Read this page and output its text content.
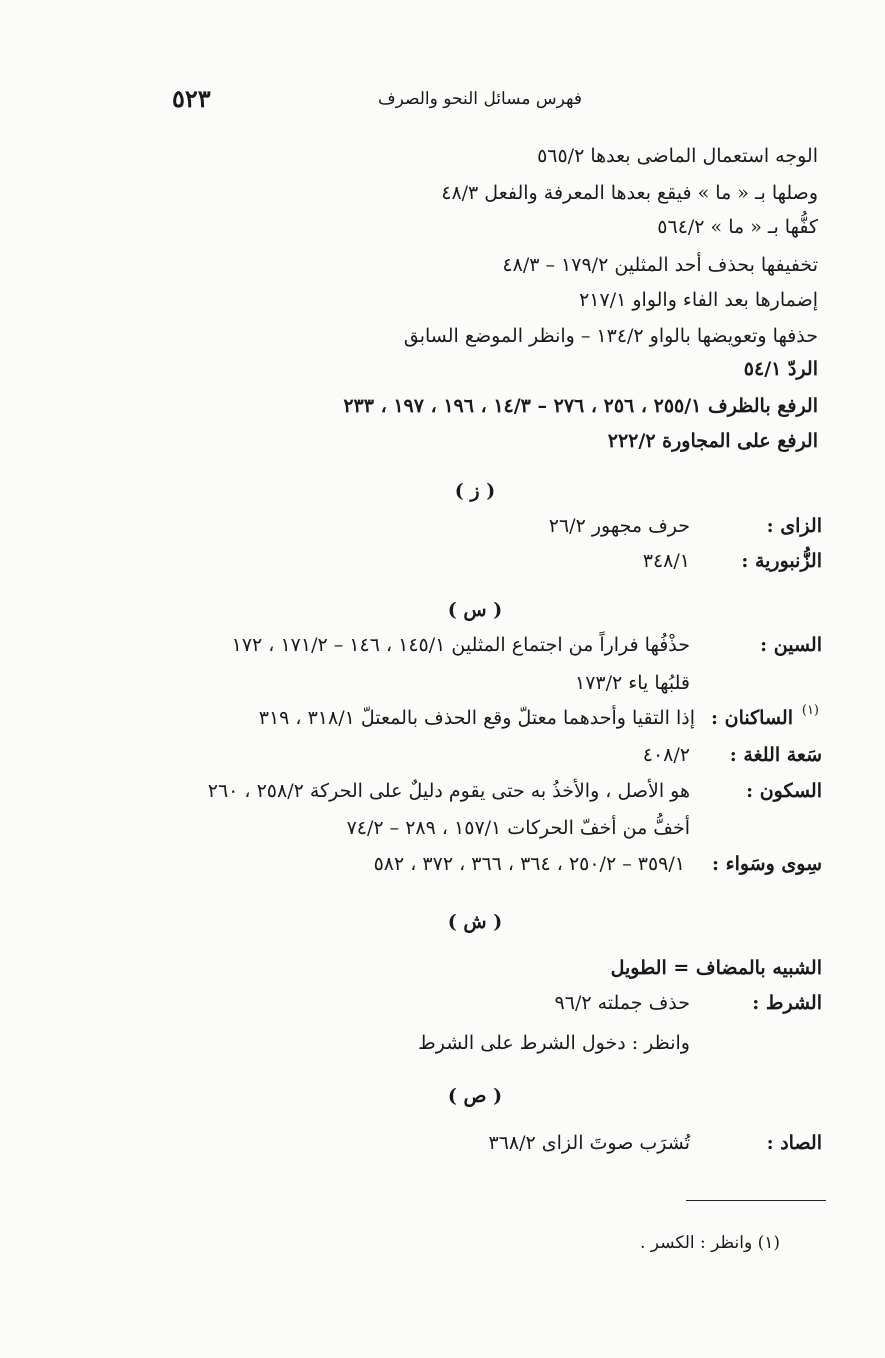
٥٢٣	فهرس مسائل النحو والصرف
الوجه استعمال الماضى بعدها ٥٦٥/٢
وصلها بـ « ما » فيقع بعدها المعرفة والفعل ٤٨/٣
كفُّها بـ « ما » ٥٦٤/٢
تخفيفها بحذف أحد المثلين ١٧٩/٢ – ٤٨/٣
إضمارها بعد الفاء والواو ٢١٧/١
حذفها وتعويضها بالواو ١٣٤/٢ – وانظر الموضع السابق
الردّ ٥٤/١
الرفع بالظرف ٢٥٥/١ ، ٢٥٦ ، ٢٧٦ – ١٤/٣ ، ١٩٦ ، ١٩٧ ، ٢٣٣
الرفع على المجاورة ٢٢٢/٢
( ز )
الزاى :
حرف مجهور ٢٦/٢
الزُّنبورية :
٣٤٨/١
( س )
السين :
حذْفُها فراراً من اجتماع المثلين ١٤٥/١ ، ١٤٦ – ١٧١/٢ ، ١٧٢
قلبُها ياء ١٧٣/٢
الساكنان : (١)
إذا التقيا وأحدهما معتلّ وقع الحذف بالمعتلّ ٣١٨/١ ، ٣١٩
سَعة اللغة :
٤٠٨/٢
السكون :
هو الأصل ، والأخذُ به حتى يقوم دليلٌ على الحركة ٢٥٨/٢ ، ٢٦٠
أخفُّ من أخفّ الحركات ١٥٧/١ ، ٢٨٩ – ٧٤/٢
سِوى وسَواء :
٣٥٩/١ – ٢٥٠/٢ ، ٣٦٤ ، ٣٦٦ ، ٣٧٢ ، ٥٨٢
( ش )
الشبيه بالمضاف = الطويل
الشرط :
حذف جملته ٩٦/٢
وانظر : دخول الشرط على الشرط
( ص )
الصاد :
تُشرَب صوتَ الزاى ٣٦٨/٢
(١) وانظر : الكسر .
